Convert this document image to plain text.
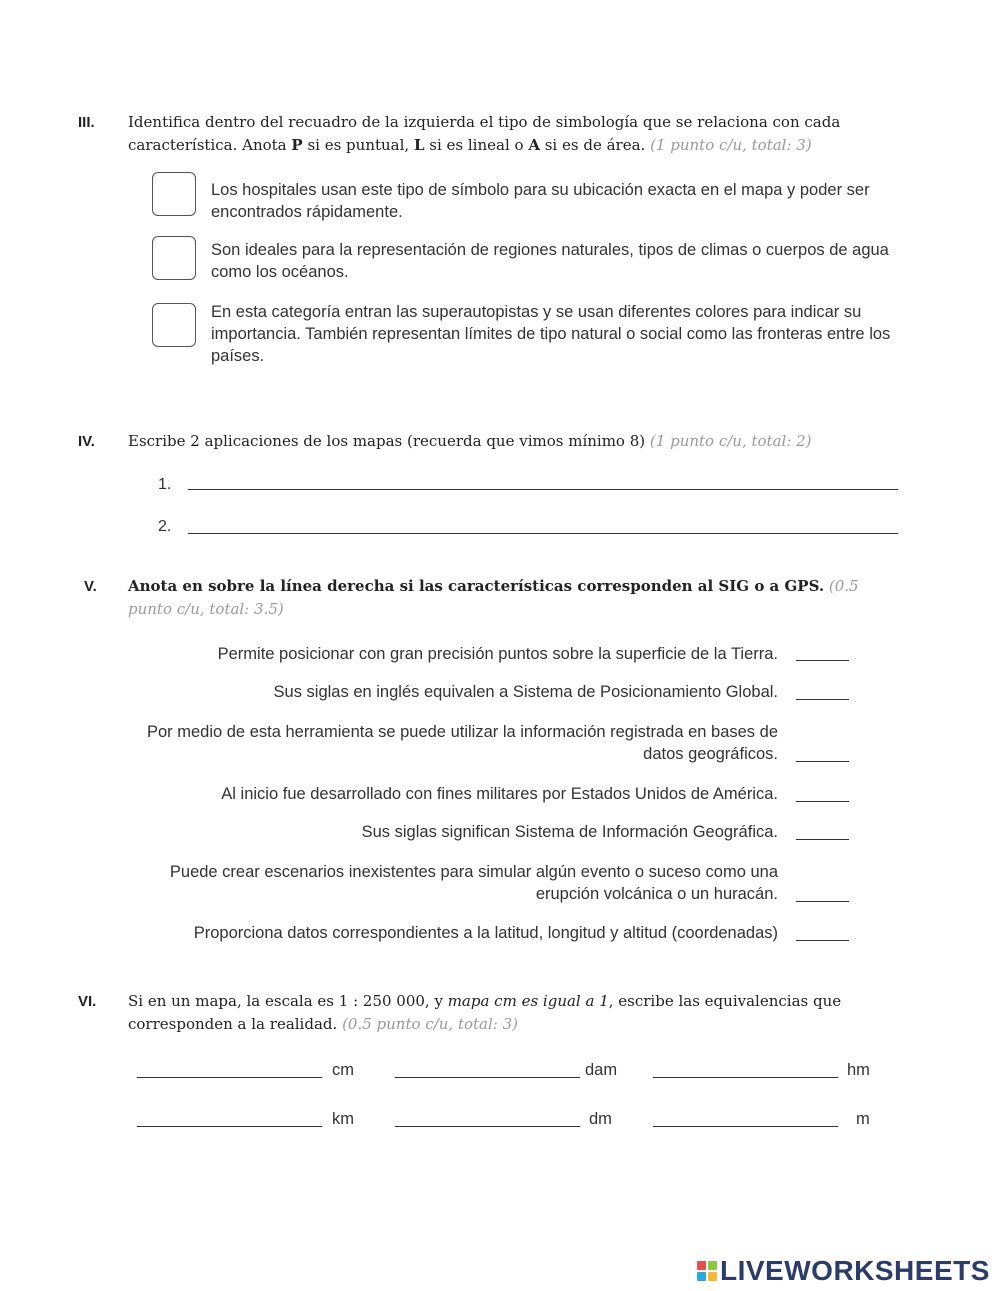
III. Identifica dentro del recuadro de la izquierda el tipo de simbología que se relaciona con cada característica. Anota P si es puntual, L si es lineal o A si es de área. (1 punto c/u, total: 3)
Los hospitales usan este tipo de símbolo para su ubicación exacta en el mapa y poder ser encontrados rápidamente.
Son ideales para la representación de regiones naturales, tipos de climas o cuerpos de agua como los océanos.
En esta categoría entran las superautopistas y se usan diferentes colores para indicar su importancia. También representan límites de tipo natural o social como las fronteras entre los países.
IV. Escribe 2 aplicaciones de los mapas (recuerda que vimos mínimo 8) (1 punto c/u, total: 2)
1.
2.
V. Anota en sobre la línea derecha si las características corresponden al SIG o a GPS. (0.5 punto c/u, total: 3.5)
Permite posicionar con gran precisión puntos sobre la superficie de la Tierra.
Sus siglas en inglés equivalen a Sistema de Posicionamiento Global.
Por medio de esta herramienta se puede utilizar la información registrada en bases de datos geográficos.
Al inicio fue desarrollado con fines militares por Estados Unidos de América.
Sus siglas significan Sistema de Información Geográfica.
Puede crear escenarios inexistentes para simular algún evento o suceso como una erupción volcánica o un huracán.
Proporciona datos correspondientes a la latitud, longitud y altitud (coordenadas)
VI. Si en un mapa, la escala es 1 : 250 000, y mapa cm es igual a 1, escribe las equivalencias que corresponden a la realidad. (0.5 punto c/u, total: 3)
cm	dam	hm
km	dm	m
LIVEWORKSHEETS
